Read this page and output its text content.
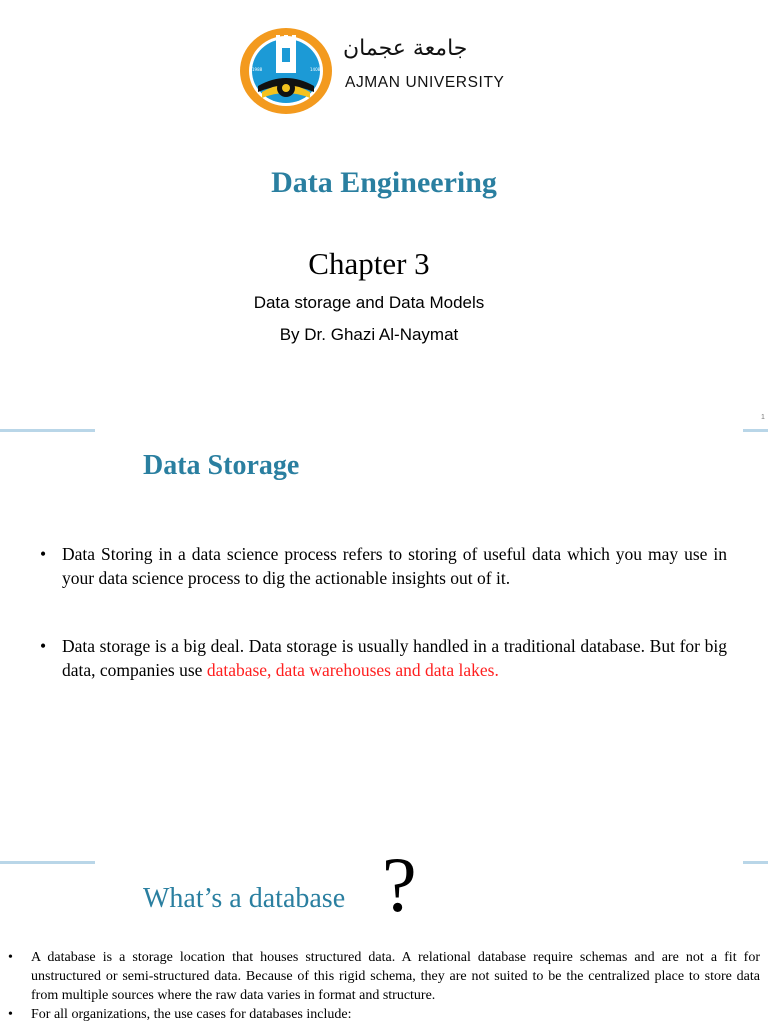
1988	1408
جامعة عجمان
AJMAN UNIVERSITY
Data Engineering
Chapter 3
Data storage and Data Models
By Dr. Ghazi Al-Naymat
1
Data Storage
• Data Storing in a data science process refers to storing of useful data which you may use in your data science process to dig the actionable insights out of it.
• Data storage is a big deal. Data storage is usually handled in a traditional database. But for big data, companies use database, data warehouses and data lakes.
What’s a database ?
• A database is a storage location that houses structured data. A relational database require schemas and are not a fit for unstructured or semi-structured data. Because of this rigid schema, they are not suited to be the centralized place to store data from multiple sources where the raw data varies in format and structure.
• For all organizations, the use cases for databases include:
